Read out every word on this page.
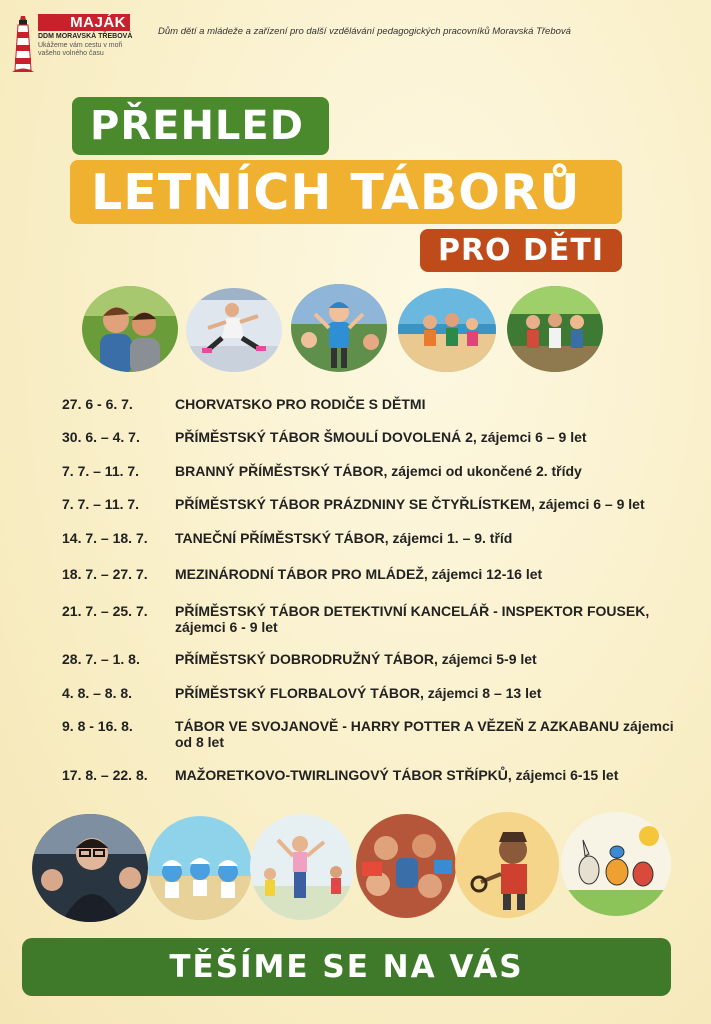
MAJÁK
DDM MORAVSKÁ TŘEBOVÁ
Ukážeme vám cestu v moři vašeho volného času
Dům dětí a mládeže a zařízení pro další vzdělávání pedagogických pracovníků Moravská Třebová
PŘEHLED
LETNÍCH TÁBORŮ
PRO DĚTI
27. 6 - 6. 7.	CHORVATSKO PRO RODIČE S DĚTMI
30. 6. – 4. 7.	PŘÍMĚSTSKÝ TÁBOR ŠMOULÍ DOVOLENÁ 2, zájemci 6 – 9 let
7. 7. – 11. 7.	BRANNÝ PŘÍMĚSTSKÝ TÁBOR, zájemci od ukončené 2. třídy
7. 7. – 11. 7.	PŘÍMĚSTSKÝ TÁBOR PRÁZDNINY SE ČTYŘLÍSTKEM, zájemci 6 – 9 let
14. 7. – 18. 7. TANEČNÍ PŘÍMĚSTSKÝ TÁBOR, zájemci 1. – 9. tříd
18. 7. – 27. 7. MEZINÁRODNÍ TÁBOR PRO MLÁDEŽ, zájemci 12-16 let
21. 7. – 25. 7. PŘÍMĚSTSKÝ TÁBOR DETEKTIVNÍ KANCELÁŘ - INSPEKTOR FOUSEK, zájemci 6 - 9 let
28. 7. – 1. 8.	PŘÍMĚSTSKÝ DOBRODRUŽNÝ TÁBOR, zájemci 5-9 let
4. 8. – 8. 8.	PŘÍMĚSTSKÝ FLORBALOVÝ TÁBOR, zájemci 8 – 13 let
9. 8 - 16. 8.	TÁBOR VE SVOJANOVĚ - HARRY POTTER A VĚZEŇ Z AZKABANU zájemci od 8 let
17. 8. – 22. 8. MAŽORETKOVO-TWIRLINGOVÝ TÁBOR STŘÍPKŮ, zájemci 6-15 let
TĚŠÍME SE NA VÁS
